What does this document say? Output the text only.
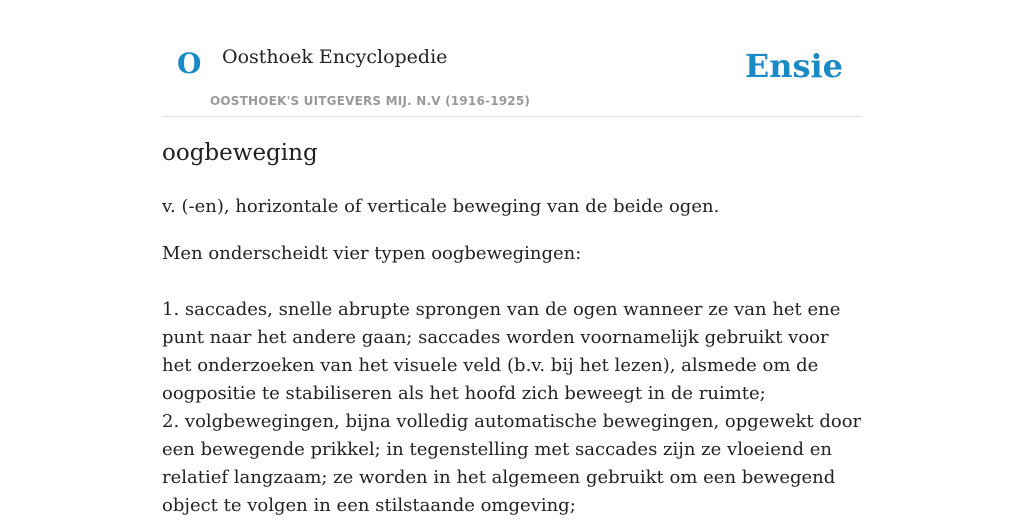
O Oosthoek Encyclopedie
OOSTHOEK'S UITGEVERS MIJ. N.V (1916-1925)
Ensie
oogbeweging

v. (-en), horizontale of verticale beweging van de beide ogen.

Men onderscheidt vier typen oogbewegingen:

1. saccades, snelle abrupte sprongen van de ogen wanneer ze van het ene punt naar het andere gaan; saccades worden voornamelijk gebruikt voor het onderzoeken van het visuele veld (b.v. bij het lezen), alsmede om de oogpositie te stabiliseren als het hoofd zich beweegt in de ruimte;

2. volgbewegingen, bijna volledig automatische bewegingen, opgewekt door een bewegende prikkel; in tegenstelling met saccades zijn ze vloeiend en relatief langzaam; ze worden in het algemeen gebruikt om een bewegend object te volgen in een stilstaande omgeving;
